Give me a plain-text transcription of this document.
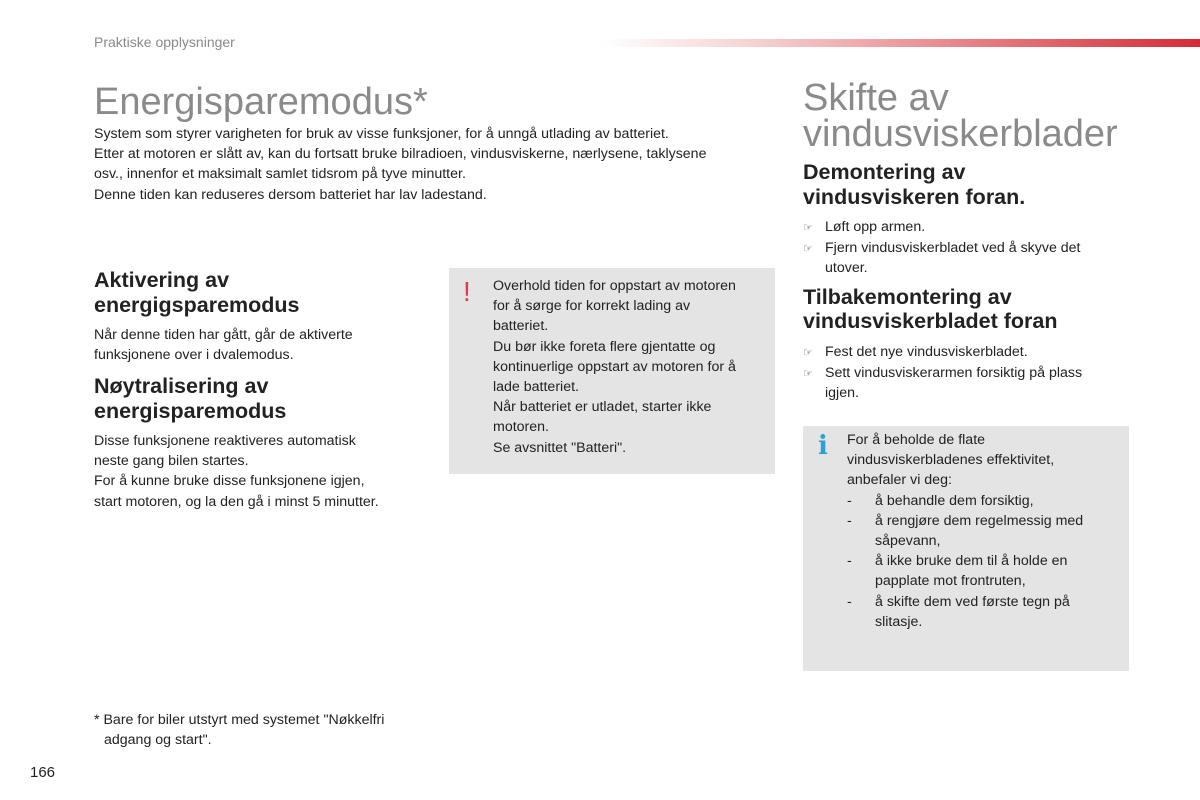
Praktiske opplysninger
Energisparemodus*

System som styrer varigheten for bruk av visse funksjoner, for å unngå utlading av batteriet.

Etter at motoren er slått av, kan du fortsatt bruke bilradioen, vindusviskerne, nærlysene, taklysene

osv., innenfor et maksimalt samlet tidsrom på tyve minutter.

Denne tiden kan reduseres dersom batteriet har lav ladestand.

Aktivering av
energigsparemodus

Når denne tiden har gått, går de aktiverte

funksjonene over i dvalemodus.

Nøytralisering av
energisparemodus

Disse funksjonene reaktiveres automatisk

neste gang bilen startes.

For å kunne bruke disse funksjonene igjen,

start motoren, og la den gå i minst 5 minutter.

! Overhold tiden for oppstart av motoren

for å sørge for korrekt lading av

batteriet.

Du bør ikke foreta flere gjentatte og

kontinuerlige oppstart av motoren for å

lade batteriet.

Når batteriet er utladet, starter ikke

motoren.

Se avsnittet "Batteri".

Skifte av
vindusviskerblader
Demontering av
vindusviskeren foran.
☞ Løft opp armen.
☞ Fjern vindusviskerbladet ved å skyve det
utover.
Tilbakemontering av
vindusviskerbladet foran
☞ Fest det nye vindusviskerbladet.
☞ Sett vindusviskerarmen forsiktig på plass
igjen.
i For å beholde de flate

vindusviskerbladenes effektivitet,

anbefaler vi deg:

-	å behandle dem forsiktig,
-	å rengjøre dem regelmessig med
såpevann,
-	å ikke bruke dem til å holde en
papplate mot frontruten,
-	å skifte dem ved første tegn på
slitasje.
* Bare for biler utstyrt med systemet "Nøkkelfri
adgang og start".
166
